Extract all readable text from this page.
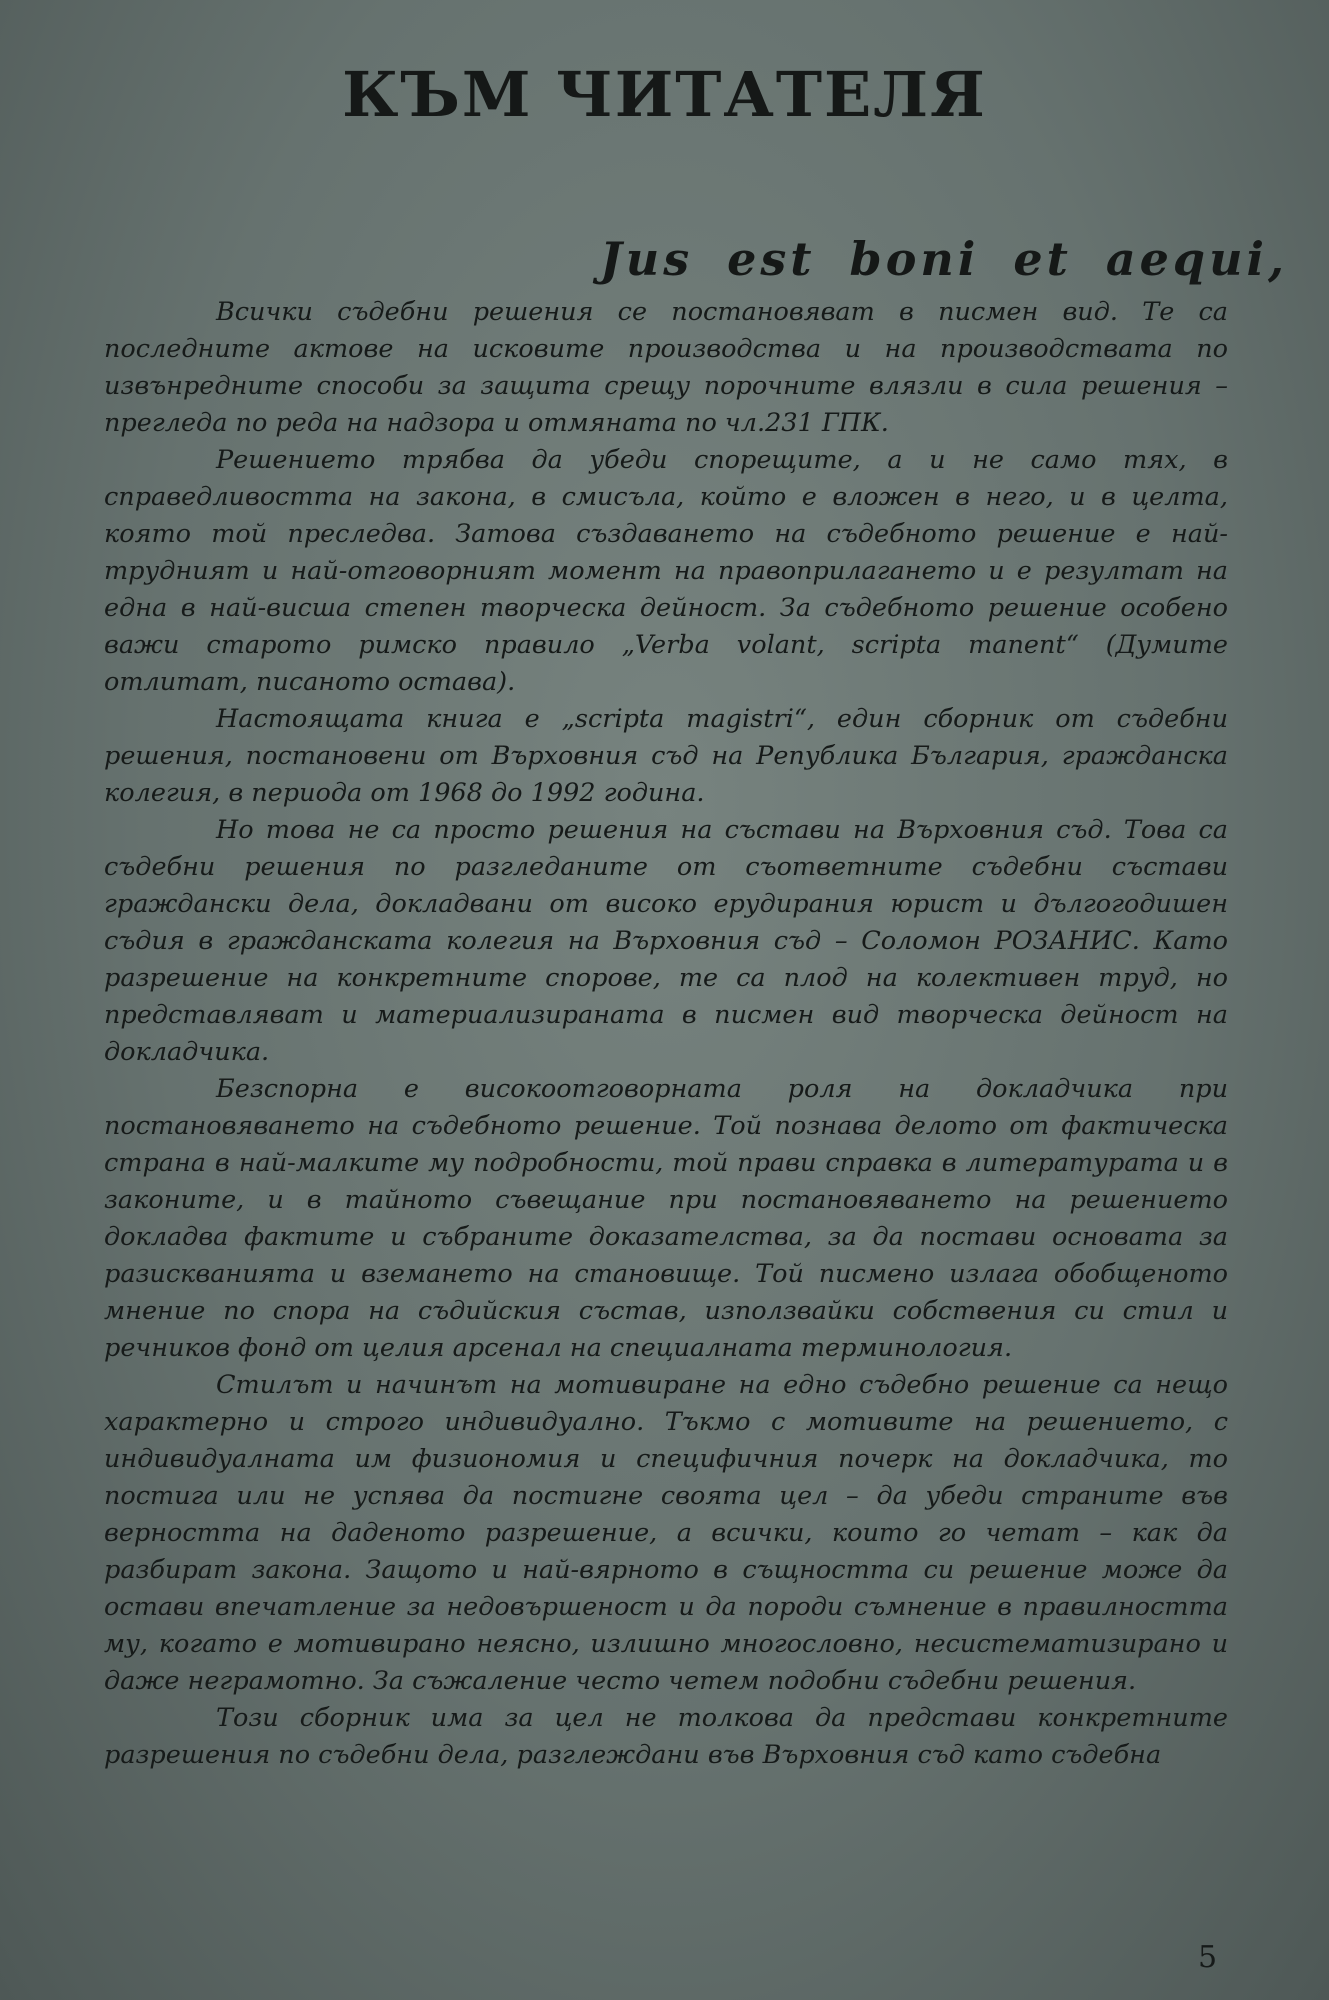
КЪМ ЧИТАТЕЛЯ
Jus est boni et aequi,

Всички съдебни решения се постановяват в писмен вид. Те са последните актове на исковите производства и на производствата по извънредните способи за защита срещу порочните влязли в сила решения – прегледа по реда на надзора и отмяната по чл.231 ГПК.

Решението трябва да убеди спорещите, а и не само тях, в справедливостта на закона, в смисъла, който е вложен в него, и в целта, която той преследва. Затова създаването на съдебното решение е най-трудният и най-отговорният момент на правоприлагането и е резултат на една в най-висша степен творческа дейност. За съдебното решение особено важи старото римско правило „Verba volant, scripta manent“ (Думите отлитат, писаното остава).

Настоящата книга е „scripta magistri“, един сборник от съдебни решения, постановени от Върховния съд на Република България, гражданска колегия, в периода от 1968 до 1992 година.

Но това не са просто решения на състави на Върховния съд. Това са съдебни решения по разгледаните от съответните съдебни състави граждански дела, докладвани от високо ерудирания юрист и дългогодишен съдия в гражданската колегия на Върховния съд – Соломон РОЗАНИС. Като разрешение на конкретните спорове, те са плод на колективен труд, но представляват и материализираната в писмен вид творческа дейност на докладчика.

Безспорна е високоотговорната роля на докладчика при постановяването на съдебното решение. Той познава делото от фактическа страна в най-малките му подробности, той прави справка в литературата и в законите, и в тайното съвещание при постановяването на решението докладва фактите и събраните доказателства, за да постави основата за разискванията и вземането на становище. Той писмено излага обобщеното мнение по спора на съдийския състав, използвайки собствения си стил и речников фонд от целия арсенал на специалната терминология.

Стилът и начинът на мотивиране на едно съдебно решение са нещо характерно и строго индивидуално. Тъкмо с мотивите на решението, с индивидуалната им физиономия и специфичния почерк на докладчика, то постига или не успява да постигне своята цел – да убеди страните във верността на даденото разрешение, а всички, които го четат – как да разбират закона. Защото и най-вярното в същността си решение може да остави впечатление за недовършеност и да породи съмнение в правилността му, когато е мотивирано неясно, излишно многословно, несистематизирано и даже неграмотно. За съжаление често четем подобни съдебни решения.

Този сборник има за цел не толкова да представи конкретните разрешения по съдебни дела, разглеждани във Върховния съд като съдебна

5
